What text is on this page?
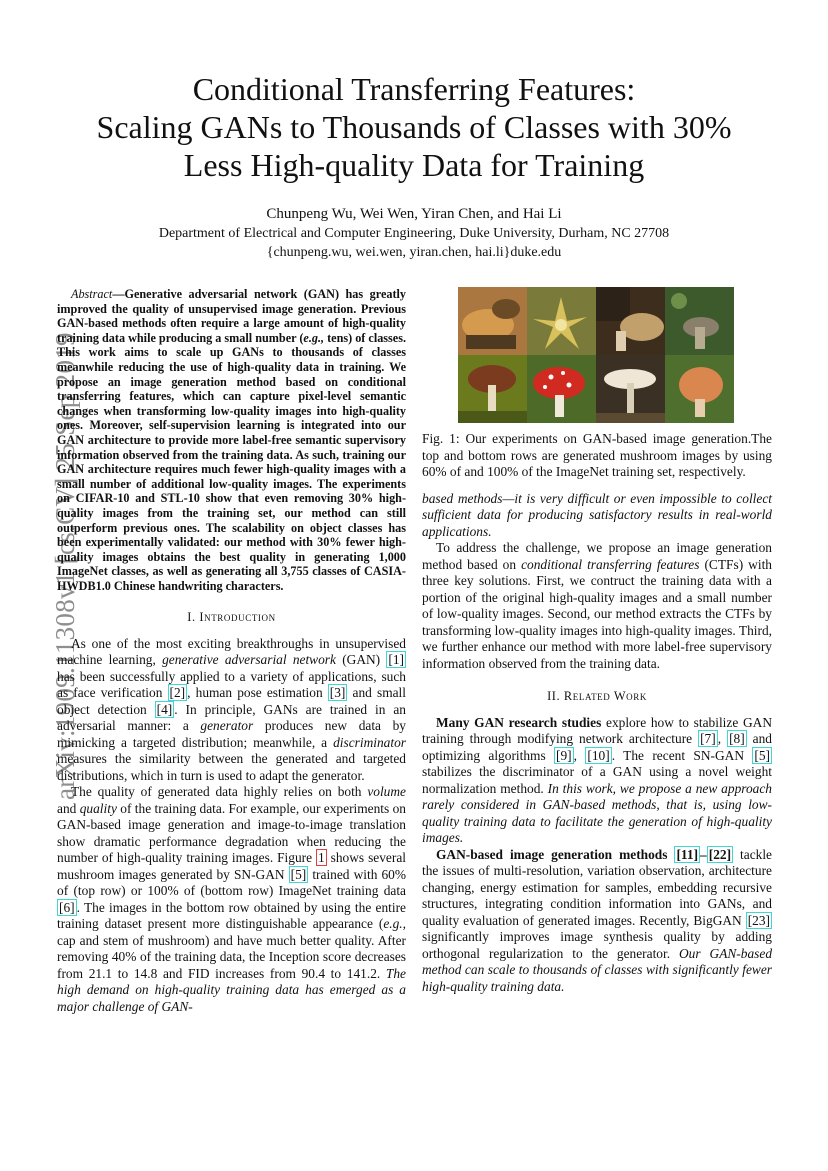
arXiv:1909.11308v1 [cs.CV] 25 Sep 2019
Conditional Transferring Features:
Scaling GANs to Thousands of Classes with 30%
Less High-quality Data for Training
Chunpeng Wu, Wei Wen, Yiran Chen, and Hai Li
Department of Electrical and Computer Engineering, Duke University, Durham, NC 27708
{chunpeng.wu, wei.wen, yiran.chen, hai.li}duke.edu

Abstract—Generative adversarial network (GAN) has greatly improved the quality of unsupervised image generation. Previous GAN-based methods often require a large amount of high-quality training data while producing a small number (e.g., tens) of classes. This work aims to scale up GANs to thousands of classes meanwhile reducing the use of high-quality data in training. We propose an image generation method based on conditional transferring features, which can capture pixel-level semantic changes when transforming low-quality images into high-quality ones. Moreover, self-supervision learning is integrated into our GAN architecture to provide more label-free semantic supervisory information observed from the training data. As such, training our GAN architecture requires much fewer high-quality images with a small number of additional low-quality images. The experiments on CIFAR-10 and STL-10 show that even removing 30% high-quality images from the training set, our method can still outperform previous ones. The scalability on object classes has been experimentally validated: our method with 30% fewer high-quality images obtains the best quality in generating 1,000 ImageNet classes, as well as generating all 3,755 classes of CASIA-HWDB1.0 Chinese handwriting characters.

I. Introduction

As one of the most exciting breakthroughs in unsupervised machine learning, generative adversarial network (GAN) [1] has been successfully applied to a variety of applications, such as face verification [2] , human pose estimation [3] and small object detection [4] . In principle, GANs are trained in an adversarial manner: a generator produces new data by mimicking a targeted distribution; meanwhile, a discriminator measures the similarity between the generated and targeted distributions, which in turn is used to adapt the generator.

The quality of generated data highly relies on both volume and quality of the training data. For example, our experiments on GAN-based image generation and image-to-image translation show dramatic performance degradation when reducing the number of high-quality training images. Figure 1 shows several mushroom images generated by SN-GAN [5] trained with 60% of (top row) or 100% of (bottom row) ImageNet training data [6] . The images in the bottom row obtained by using the entire training dataset present more distinguishable appearance (e.g., cap and stem of mushroom) and have much better quality. After removing 40% of the training data, the Inception score decreases from 21.1 to 14.8 and FID increases from 90.4 to 141.2. The high demand on high-quality training data has emerged as a major challenge of GAN-

Fig. 1: Our experiments on GAN-based image generation.The top and bottom rows are generated mushroom images by using 60% of and 100% of the ImageNet training set, respectively.

based methods—it is very difficult or even impossible to collect sufficient data for producing satisfactory results in real-world applications.

To address the challenge, we propose an image generation method based on conditional transferring features (CTFs) with three key solutions. First, we contruct the training data with a portion of the original high-quality images and a small number of low-quality images. Second, our method extracts the CTFs by transforming low-quality images into high-quality images. Third, we further enhance our method with more label-free supervisory information observed from the training data.

II. Related Work

Many GAN research studies explore how to stabilize GAN training through modifying network architecture [7] , [8] and optimizing algorithms [9] , [10] . The recent SN-GAN [5] stabilizes the discriminator of a GAN using a novel weight normalization method. In this work, we propose a new approach rarely considered in GAN-based methods, that is, using low-quality training data to facilitate the generation of high-quality images.

GAN-based image generation methods [11] – [22] tackle the issues of multi-resolution, variation observation, architecture changing, energy estimation for samples, embedding recursive structures, integrating condition information into GANs, and quality evaluation of generated images. Recently, BigGAN [23] significantly improves image synthesis quality by adding orthogonal regularization to the generator. Our GAN-based method can scale to thousands of classes with significantly fewer high-quality training data.
